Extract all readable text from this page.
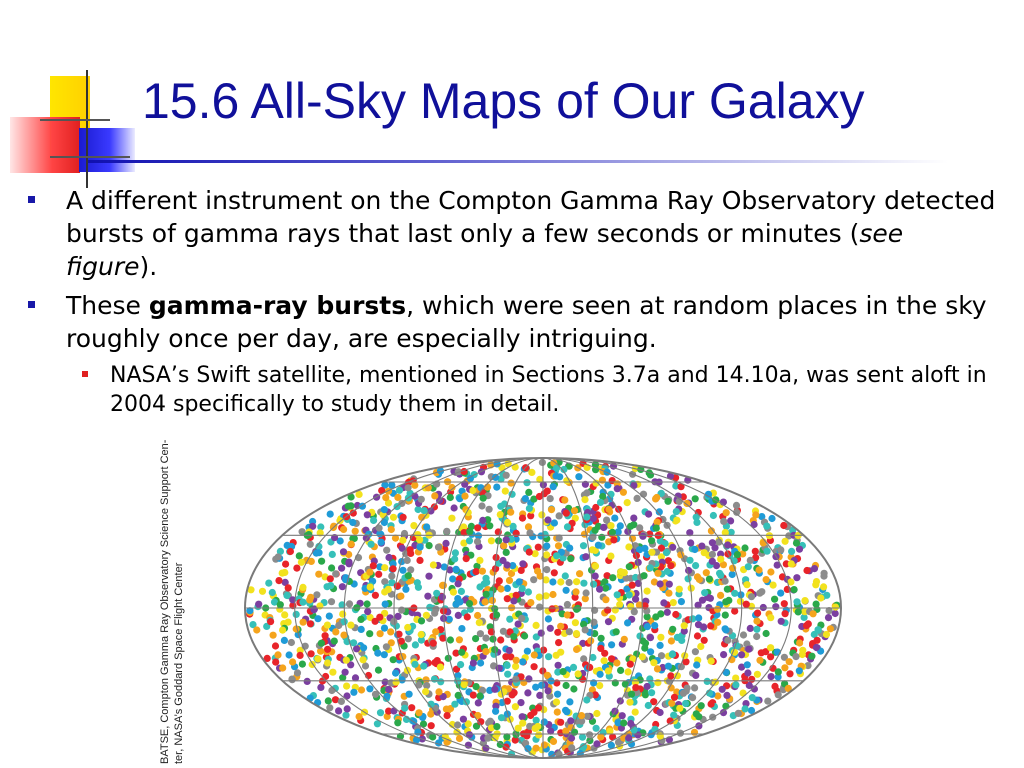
15.6 All-Sky Maps of Our Galaxy
A different instrument on the Compton Gamma Ray Observatory detected bursts of gamma rays that last only a few seconds or minutes (see figure).
These gamma-ray bursts, which were seen at random places in the sky roughly once per day, are especially intriguing.
NASA’s Swift satellite, mentioned in Sections 3.7a and 14.10a, was sent aloft in 2004 specifically to study them in detail.
BATSE, Compton Gamma Ray Observatory Science Support Cen- ter, NASA’s Goddard Space Flight Center
